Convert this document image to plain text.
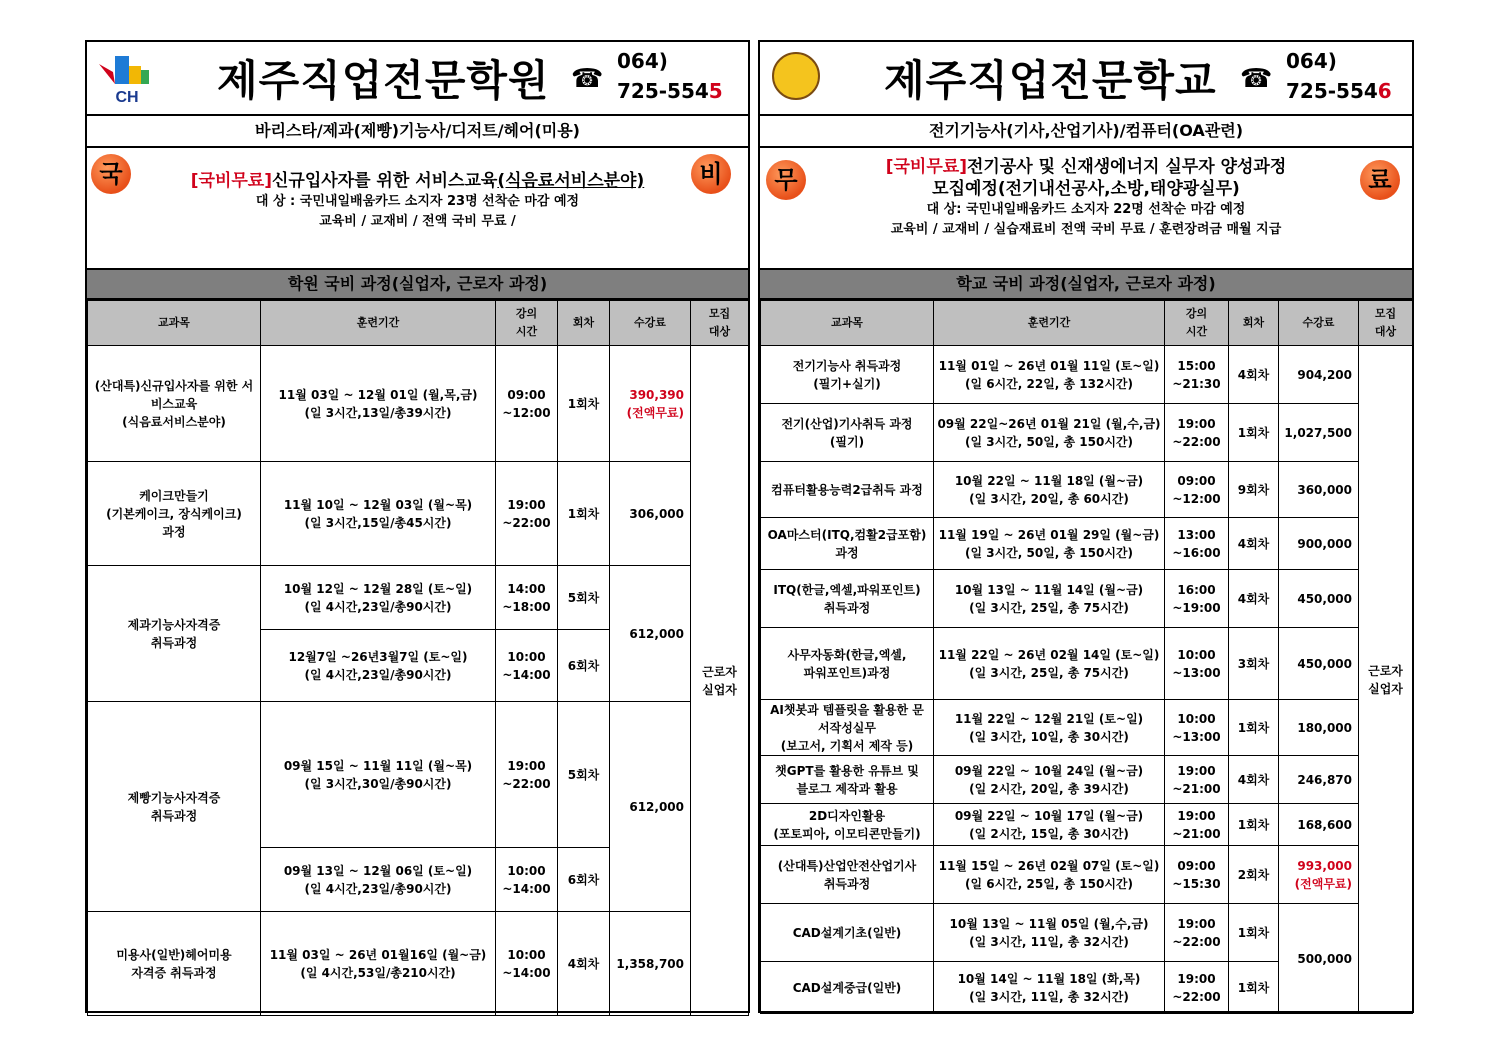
CH 제주직업전문학원 ☎
064)
725-5545
바리스타/제과(제빵)기능사/디저트/헤어(미용)
국	비
[국비무료]신규입사자를 위한 서비스교육(식음료서비스분야)
대 상 : 국민내일배움카드 소지자 23명 선착순 마감 예정
교육비 / 교재비 / 전액 국비 무료 /
학원 국비 과정(실업자, 근로자 과정)
교과목	훈련기간	강의
시간	회차	수강료	모집
대상
(산대특)신규입사자를 위한 서비스교육
(식음료서비스분야)	11월 03일 ~ 12월 01일 (월,목,금)
(일 3시간,13일/총39시간)	09:00
~12:00	1회차	390,390
(전액무료)	근로자
실업자
케이크만들기
(기본케이크, 장식케이크)
과정	11월 10일 ~ 12월 03일 (월~목)
(일 3시간,15일/총45시간)	19:00
~22:00	1회차	306,000	
제과기능사자격증
취득과정	10월 12일 ~ 12월 28일 (토~일)
(일 4시간,23일/총90시간)	14:00
~18:00	5회차	612,000	
	12월7일 ~26년3월7일 (토~일)
(일 4시간,23일/총90시간)	10:00
~14:00	6회차		
제빵기능사자격증
취득과정	09월 15일 ~ 11월 11일 (월~목)
(일 3시간,30일/총90시간)	19:00
~22:00	5회차	612,000	
	09월 13일 ~ 12월 06일 (토~일)
(일 4시간,23일/총90시간)	10:00
~14:00	6회차		
미용사(일반)헤어미용
자격증 취득과정	11월 03일 ~ 26년 01월16일 (월~금)
(일 4시간,53일/총210시간)	10:00
~14:00	4회차	1,358,700	
제주직업전문학교 ☎
064)
725-5546
전기기능사(기사,산업기사)/컴퓨터(OA관련)
무	료
[국비무료]전기공사 및 신재생에너지 실무자 양성과정
모집예정(전기내선공사,소방,태양광실무)
대 상: 국민내일배움카드 소지자 22명 선착순 마감 예정
교육비 / 교재비 / 실습재료비 전액 국비 무료 / 훈련장려금 매월 지급
학교 국비 과정(실업자, 근로자 과정)
교과목	훈련기간	강의
시간	회차	수강료	모집
대상
전기기능사 취득과정
(필기+실기)	11월 01일 ~ 26년 01월 11일 (토~일)
(일 6시간, 22일, 총 132시간)	15:00
~21:30	4회차	904,200	근로자
실업자
전기(산업)기사취득 과정
(필기)	09월 22일~26년 01월 21일 (월,수,금)
(일 3시간, 50일, 총 150시간)	19:00
~22:00	1회차	1,027,500	
컴퓨터활용능력2급취득 과정	10월 22일 ~ 11월 18일 (월~금)
(일 3시간, 20일, 총 60시간)	09:00
~12:00	9회차	360,000	
OA마스터(ITQ,컴활2급포함)
과정	11월 19일 ~ 26년 01월 29일 (월~금)
(일 3시간, 50일, 총 150시간)	13:00
~16:00	4회차	900,000	
ITQ(한글,엑셀,파워포인트)
취득과정	10월 13일 ~ 11월 14일 (월~금)
(일 3시간, 25일, 총 75시간)	16:00
~19:00	4회차	450,000	
사무자동화(한글,엑셀,
파워포인트)과정	11월 22일 ~ 26년 02월 14일 (토~일)
(일 3시간, 25일, 총 75시간)	10:00
~13:00	3회차	450,000	
AI챗봇과 템플릿을 활용한 문
서작성실무
(보고서, 기획서 제작 등)	11월 22일 ~ 12월 21일 (토~일)
(일 3시간, 10일, 총 30시간)	10:00
~13:00	1회차	180,000	
챗GPT를 활용한 유튜브 및
블로그 제작과 활용	09월 22일 ~ 10월 24일 (월~금)
(일 2시간, 20일, 총 39시간)	19:00
~21:00	4회차	246,870	
2D디자인활용
(포토피아, 이모티콘만들기)	09월 22일 ~ 10월 17일 (월~금)
(일 2시간, 15일, 총 30시간)	19:00
~21:00	1회차	168,600	
(산대특)산업안전산업기사
취득과정	11월 15일 ~ 26년 02월 07일 (토~일)
(일 6시간, 25일, 총 150시간)	09:00
~15:30	2회차	993,000
(전액무료)	
CAD설계기초(일반)	10월 13일 ~ 11월 05일 (월,수,금)
(일 3시간, 11일, 총 32시간)	19:00
~22:00	1회차	500,000	
CAD설계중급(일반)	10월 14일 ~ 11월 18일 (화,목)
(일 3시간, 11일, 총 32시간)	19:00
~22:00	1회차		
